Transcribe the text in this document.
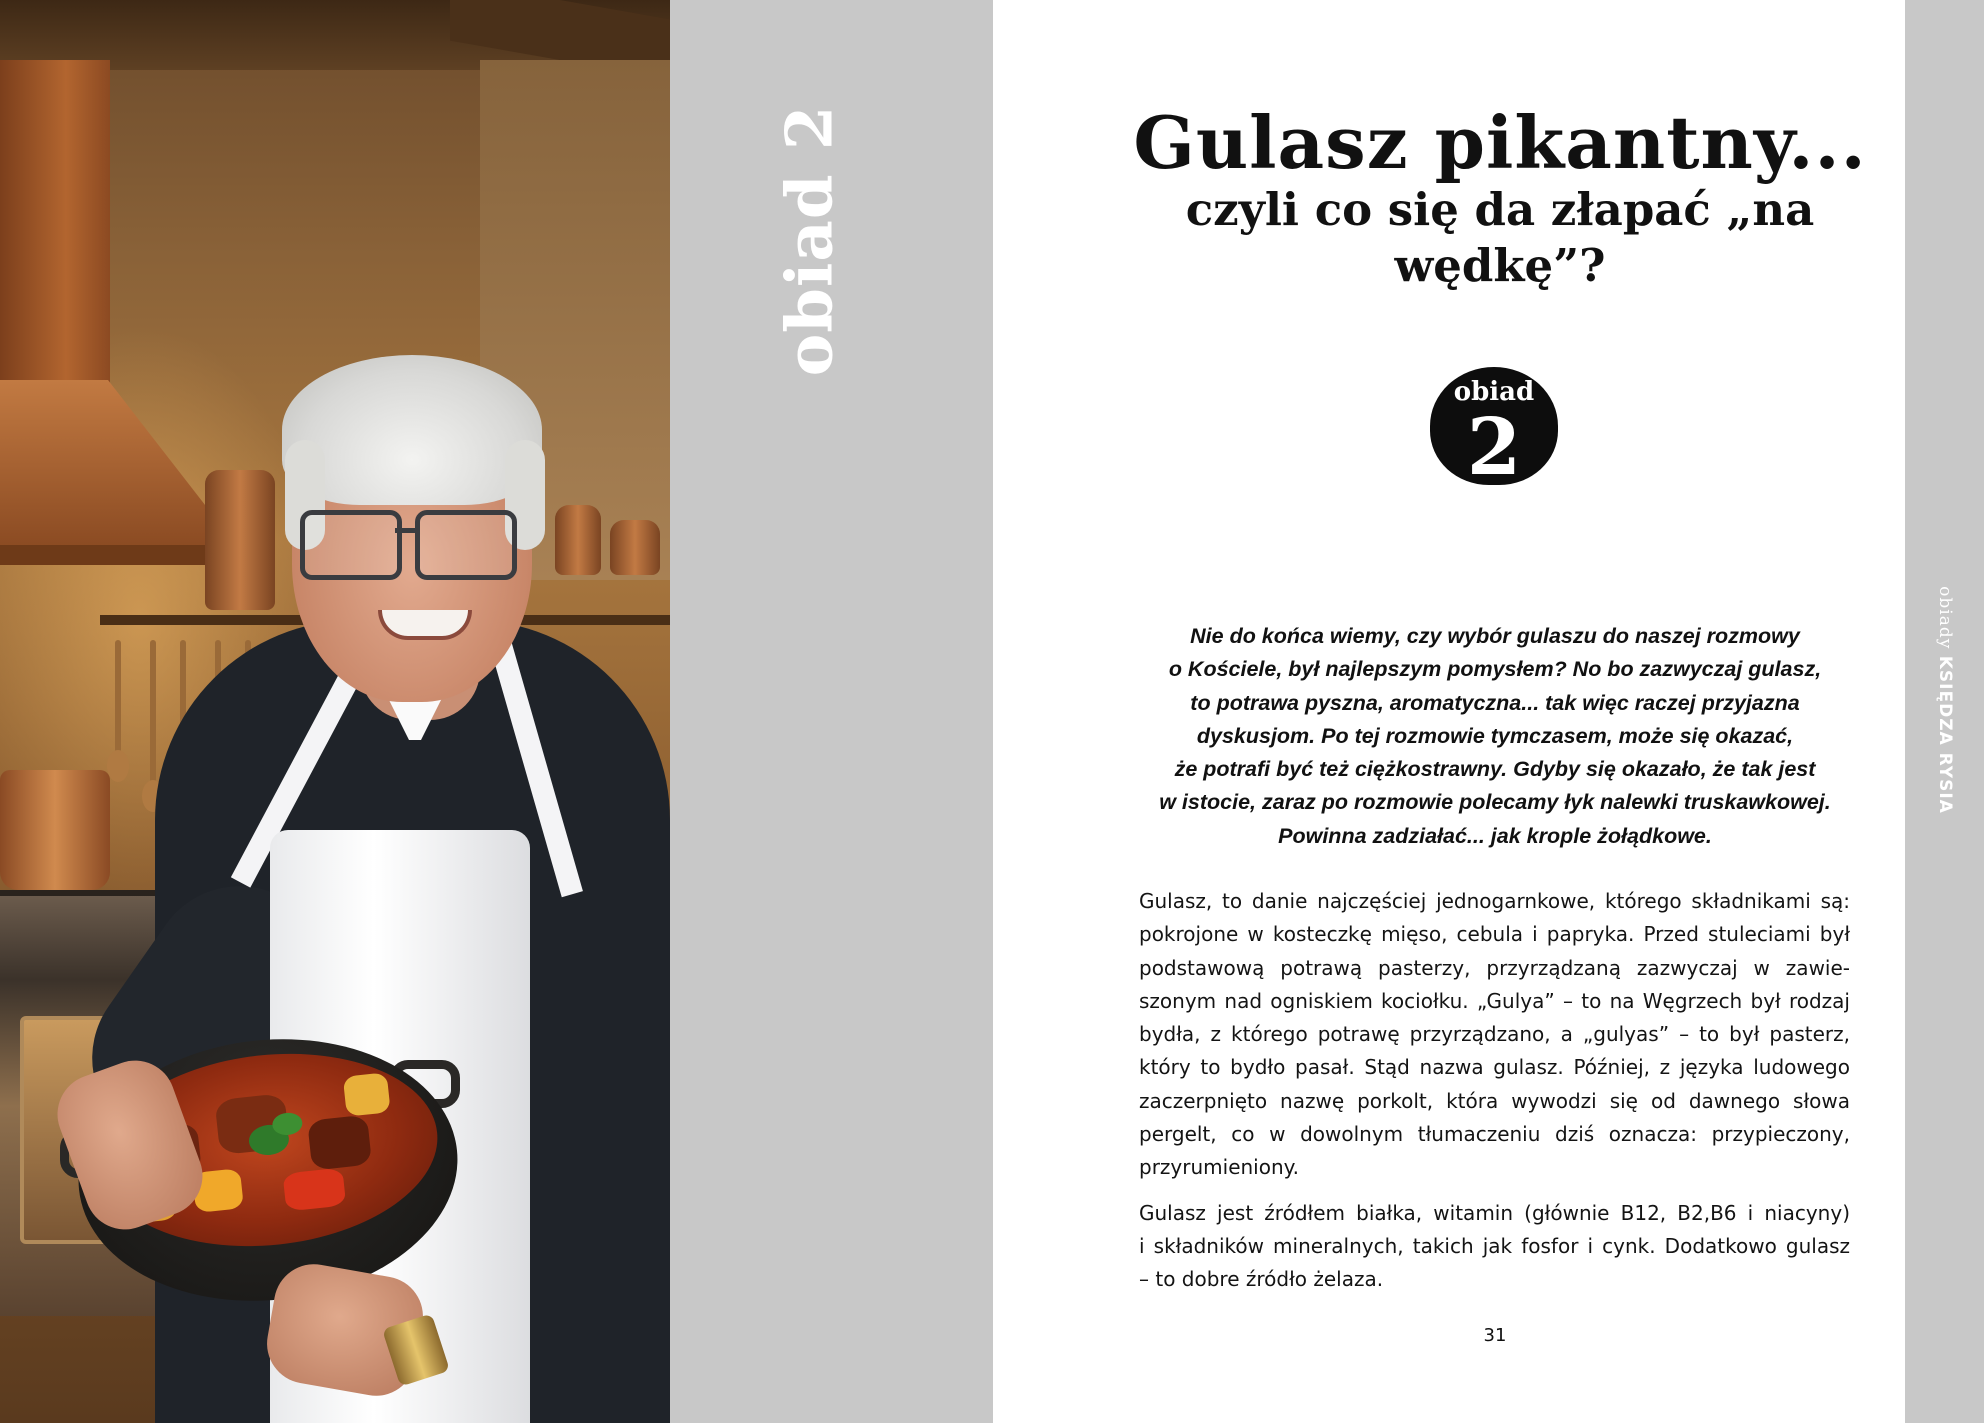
obiad 2	Gulasz pikantny...
czyli co się da złapać „na wędkę”?
obiad
2
Nie do końca wiemy, czy wybór gulaszu do naszej rozmowy
o Kościele, był najlepszym pomysłem? No bo zazwyczaj gulasz,
to potrawa pyszna, aromatyczna... tak więc raczej przyjazna
dyskusjom. Po tej rozmowie tymczasem, może się okazać,
że potrafi być też ciężkostrawny. Gdyby się okazało, że tak jest
w istocie, zaraz po rozmowie polecamy łyk nalewki truskawkowej.
Powinna zadziałać... jak krople żołądkowe.
Gulasz, to danie najczęściej jednogarnkowe, którego składnikami są:
pokrojone w kosteczkę mięso, cebula i papryka. Przed stuleciami był
podstawową potrawą pasterzy, przyrządzaną zazwyczaj w zawie-
szonym nad ogniskiem kociołku. „Gulya” – to na Węgrzech był rodzaj
bydła, z którego potrawę przyrządzano, a „gulyas” – to był pasterz,
który to bydło pasał. Stąd nazwa gulasz. Później, z języka ludowego
zaczerpnięto nazwę porkolt, która wywodzi się od dawnego słowa
pergelt, co w dowolnym tłumaczeniu dziś oznacza: przypieczony,
przyrumieniony.
Gulasz jest źródłem białka, witamin (głównie B12, B2,B6 i niacyny)
i składników mineralnych, takich jak fosfor i cynk. Dodatkowo gulasz
– to dobre źródło żelaza.
31
obiady KSIĘDZA RYSIA
